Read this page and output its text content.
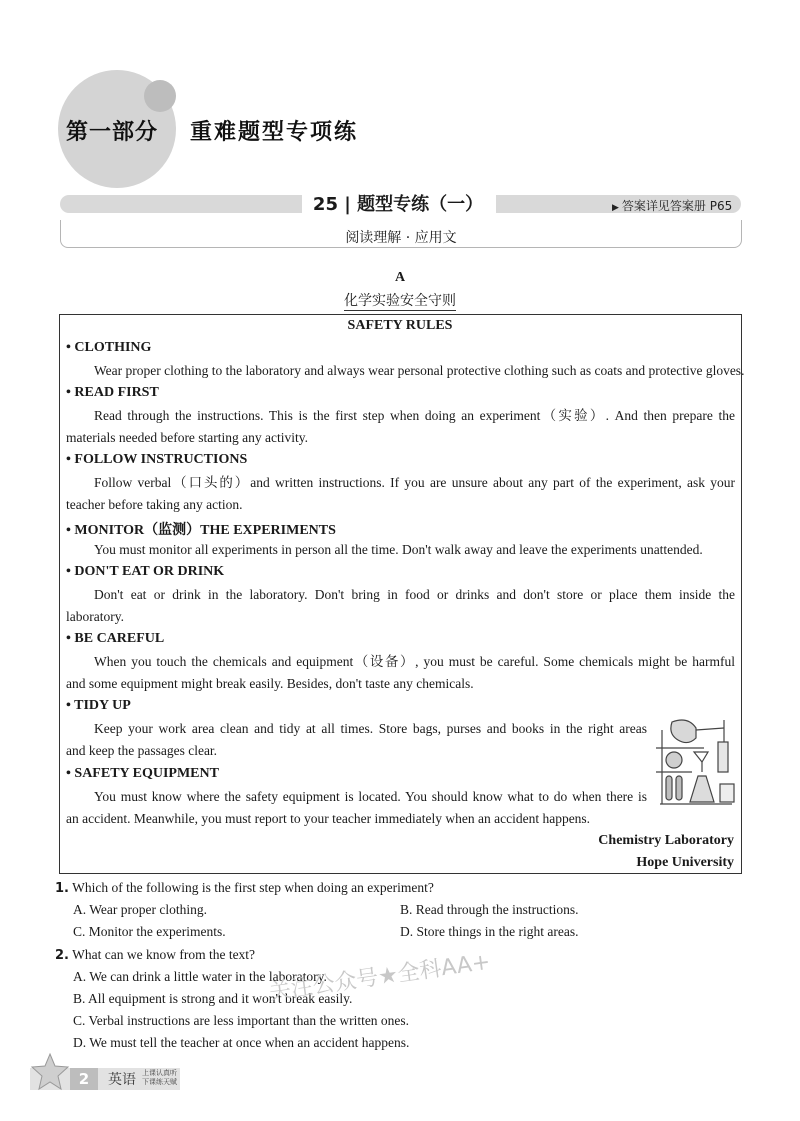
第一部分 重难题型专项练
25 | 题型专练（一）	▶ 答案详见答案册 P65
阅读理解 · 应用文
A
化学实验安全守则
SAFETY RULES
• CLOTHING
Wear proper clothing to the laboratory and always wear personal protective clothing such as coats and protective gloves.
• READ FIRST
Read through the instructions. This is the first step when doing an experiment（实验）. And then prepare the
materials needed before starting any activity.
• FOLLOW INSTRUCTIONS
Follow verbal（口头的）and written instructions. If you are unsure about any part of the experiment, ask your
teacher before taking any action.
• MONITOR（监测）THE EXPERIMENTS
You must monitor all experiments in person all the time. Don't walk away and leave the experiments unattended.
• DON'T EAT OR DRINK
Don't eat or drink in the laboratory. Don't bring in food or drinks and don't store or place them inside the
laboratory.
• BE CAREFUL
When you touch the chemicals and equipment（设备）, you must be careful. Some chemicals might be harmful
and some equipment might break easily. Besides, don't taste any chemicals.
• TIDY UP
Keep your work area clean and tidy at all times. Store bags, purses and books in the right areas
and keep the passages clear.
• SAFETY EQUIPMENT
You must know where the safety equipment is located. You should know what to do when there is
an accident. Meanwhile, you must report to your teacher immediately when an accident happens.
Chemistry Laboratory
Hope University
1. Which of the following is the first step when doing an experiment?
A. Wear proper clothing.	B. Read through the instructions.
C. Monitor the experiments.	D. Store things in the right areas.
2. What can we know from the text?
A. We can drink a little water in the laboratory.
B. All equipment is strong and it won't break easily.
C. Verbal instructions are less important than the written ones.
D. We must tell the teacher at once when an accident happens.
关注公众号★全科AA+
2	英语 上课认真听
下课练天赋
